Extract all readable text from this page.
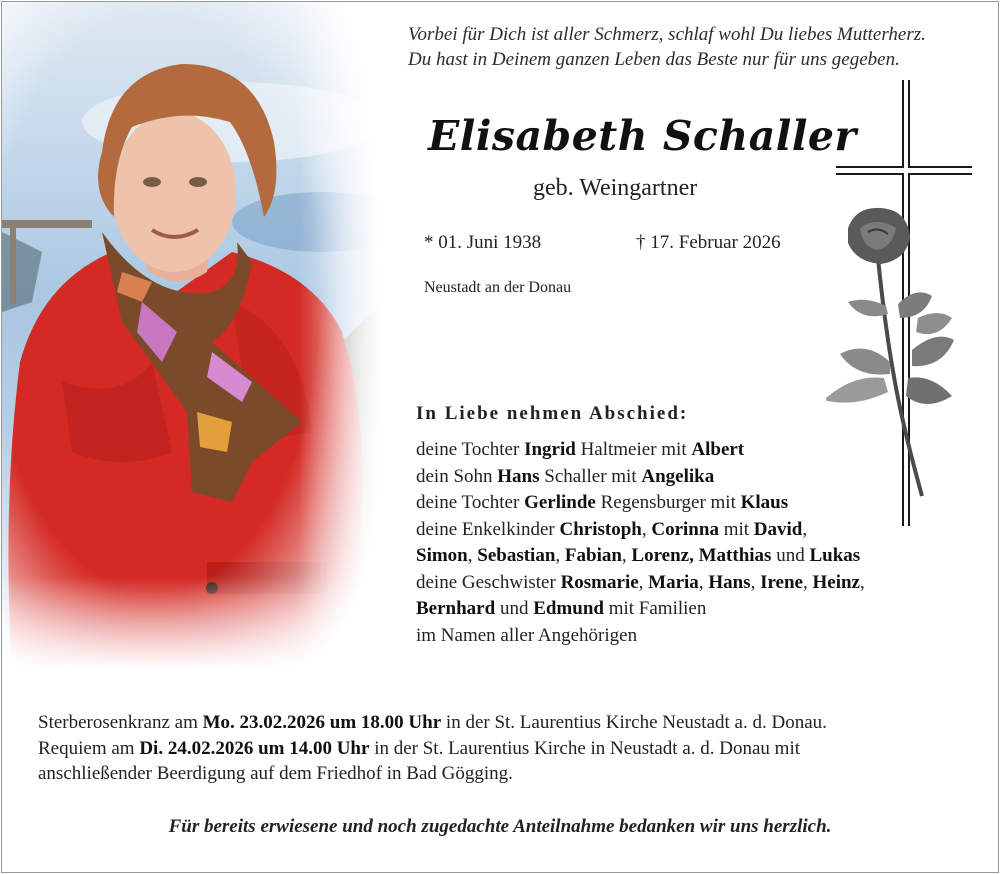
Vorbei für Dich ist aller Schmerz, schlaf wohl Du liebes Mutterherz.
Du hast in Deinem ganzen Leben das Beste nur für uns gegeben.
Elisabeth Schaller
geb. Weingartner
* 01. Juni 1938	† 17. Februar 2026
Neustadt an der Donau
In Liebe nehmen Abschied:
deine Tochter Ingrid Haltmeier mit Albert
dein Sohn Hans Schaller mit Angelika
deine Tochter Gerlinde Regensburger mit Klaus
deine Enkelkinder Christoph, Corinna mit David,
Simon, Sebastian, Fabian, Lorenz, Matthias und Lukas
deine Geschwister Rosmarie, Maria, Hans, Irene, Heinz,
Bernhard und Edmund mit Familien
im Namen aller Angehörigen
Sterberosenkranz am Mo. 23.02.2026 um 18.00 Uhr in der St. Laurentius Kirche Neustadt a. d. Donau.
Requiem am Di. 24.02.2026 um 14.00 Uhr in der St. Laurentius Kirche in Neustadt a. d. Donau mit
anschließender Beerdigung auf dem Friedhof in Bad Gögging.
Für bereits erwiesene und noch zugedachte Anteilnahme bedanken wir uns herzlich.
